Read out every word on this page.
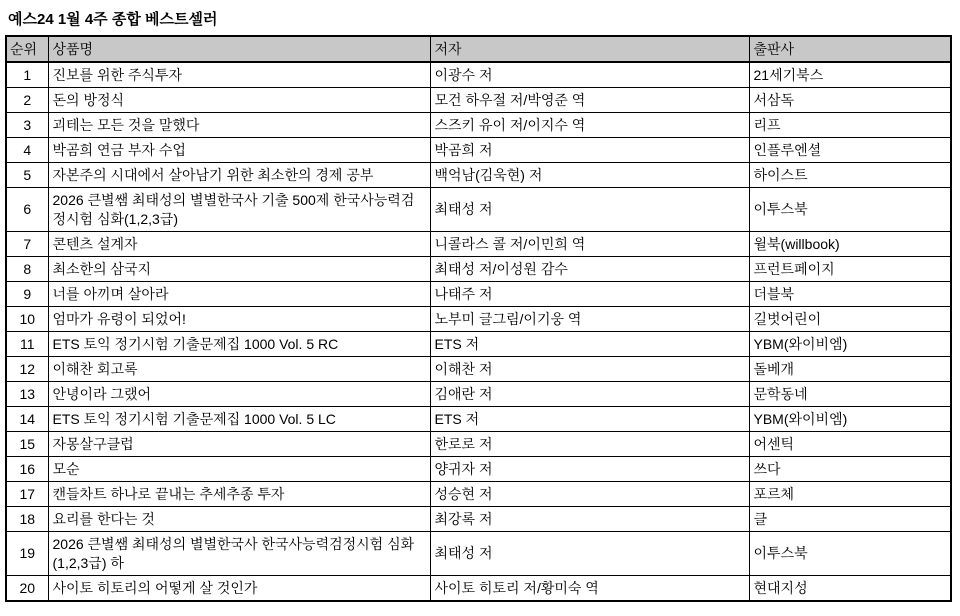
예스24 1월 4주 종합 베스트셀러
순위	상품명	저자	출판사
1	진보를 위한 주식투자	이광수 저	21세기북스
2	돈의 방정식	모건 하우절 저/박영준 역	서삼독
3	괴테는 모든 것을 말했다	스즈키 유이 저/이지수 역	리프
4	박곰희 연금 부자 수업	박곰희 저	인플루엔셜
5	자본주의 시대에서 살아남기 위한 최소한의 경제 공부	백억남(김욱현) 저	하이스트
6	2026 큰별쌤 최태성의 별별한국사 기출 500제 한국사능력검정시험 심화(1,2,3급)	최태성 저	이투스북
7	콘텐츠 설계자	니콜라스 콜 저/이민희 역	윌북(willbook)
8	최소한의 삼국지	최태성 저/이성원 감수	프런트페이지
9	너를 아끼며 살아라	나태주 저	더블북
10	엄마가 유령이 되었어!	노부미 글그림/이기웅 역	길벗어린이
11	ETS 토익 정기시험 기출문제집 1000 Vol. 5 RC	ETS 저	YBM(와이비엠)
12	이해찬 회고록	이해찬 저	돌베개
13	안녕이라 그랬어	김애란 저	문학동네
14	ETS 토익 정기시험 기출문제집 1000 Vol. 5 LC	ETS 저	YBM(와이비엠)
15	자몽살구클럽	한로로 저	어센틱
16	모순	양귀자 저	쓰다
17	캔들차트 하나로 끝내는 추세추종 투자	성승현 저	포르체
18	요리를 한다는 것	최강록 저	클
19	2026 큰별쌤 최태성의 별별한국사 한국사능력검정시험 심화(1,2,3급) 하	최태성 저	이투스북
20	사이토 히토리의 어떻게 살 것인가	사이토 히토리 저/황미숙 역	현대지성
